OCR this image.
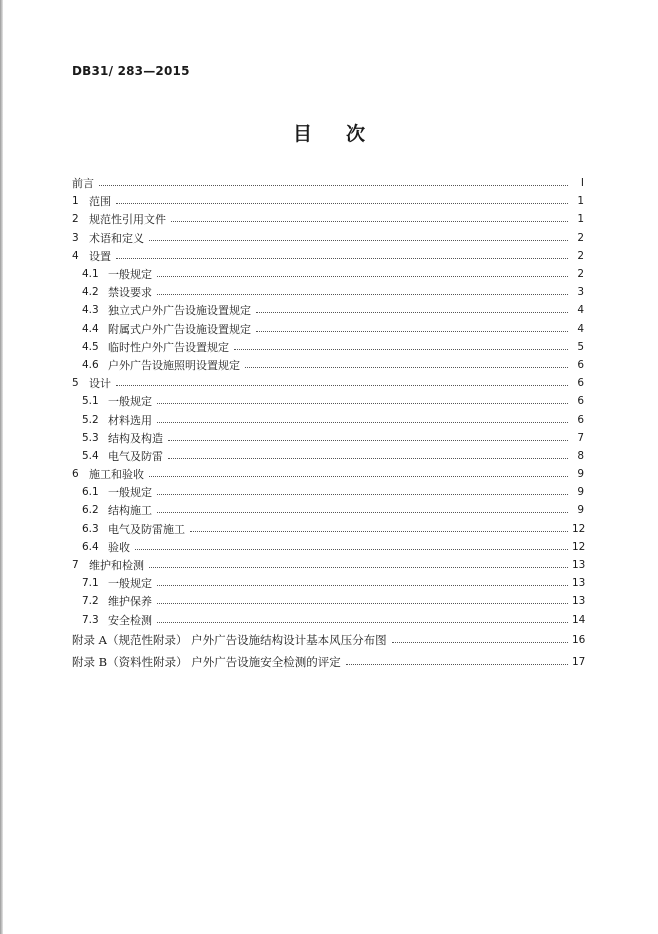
DB31/ 283—2015
目次
前言	Ⅰ
1 范围	1
2 规范性引用文件	1
3 术语和定义	2
4 设置	2
4.1 一般规定	2
4.2 禁设要求	3
4.3 独立式户外广告设施设置规定	4
4.4 附属式户外广告设施设置规定	4
4.5 临时性户外广告设置规定	5
4.6 户外广告设施照明设置规定	6
5 设计	6
5.1 一般规定	6
5.2 材料选用	6
5.3 结构及构造	7
5.4 电气及防雷	8
6 施工和验收	9
6.1 一般规定	9
6.2 结构施工	9
6.3 电气及防雷施工	12
6.4 验收	12
7 维护和检测	13
7.1 一般规定	13
7.2 维护保养	13
7.3 安全检测	14
附录 A（规范性附录） 户外广告设施结构设计基本风压分布图	16
附录 B（资料性附录） 户外广告设施安全检测的评定	17
